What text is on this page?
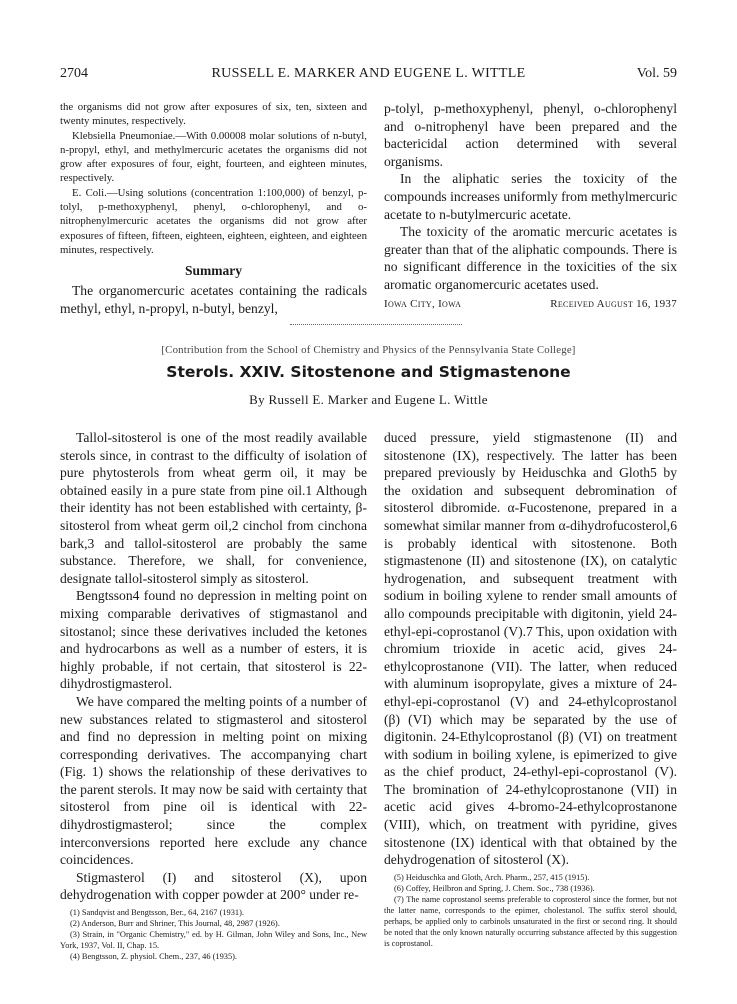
2704	RUSSELL E. MARKER AND EUGENE L. WITTLE	Vol. 59

the organisms did not grow after exposures of six, ten, sixteen and twenty minutes, respectively.

Klebsiella Pneumoniae.—With 0.00008 molar solutions of n-butyl, n-propyl, ethyl, and methylmercuric acetates the organisms did not grow after exposures of four, eight, fourteen, and eighteen minutes, respectively.

E. Coli.—Using solutions (concentration 1:100,000) of benzyl, p-tolyl, p-methoxyphenyl, phenyl, o-chlorophenyl, and o-nitrophenylmercuric acetates the organisms did not grow after exposures of fifteen, fifteen, eighteen, eighteen, eighteen, and eighteen minutes, respectively.

Summary

The organomercuric acetates containing the radicals methyl, ethyl, n-propyl, n-butyl, benzyl,

p-tolyl, p-methoxyphenyl, phenyl, o-chlorophenyl and o-nitrophenyl have been prepared and the bactericidal action determined with several organisms.

In the aliphatic series the toxicity of the compounds increases uniformly from methylmercuric acetate to n-butylmercuric acetate.

The toxicity of the aromatic mercuric acetates is greater than that of the aliphatic compounds. There is no significant difference in the toxicities of the six aromatic organomercuric acetates used.

Iowa City, Iowa	Received August 16, 1937
[Contribution from the School of Chemistry and Physics of the Pennsylvania State College]
Sterols. XXIV. Sitostenone and Stigmastenone
By Russell E. Marker and Eugene L. Wittle

Tallol-sitosterol is one of the most readily available sterols since, in contrast to the difficulty of isolation of pure phytosterols from wheat germ oil, it may be obtained easily in a pure state from pine oil.1 Although their identity has not been established with certainty, β-sitosterol from wheat germ oil,2 cinchol from cinchona bark,3 and tallol-sitosterol are probably the same substance. Therefore, we shall, for convenience, designate tallol-sitosterol simply as sitosterol.

Bengtsson4 found no depression in melting point on mixing comparable derivatives of stigmastanol and sitostanol; since these derivatives included the ketones and hydrocarbons as well as a number of esters, it is highly probable, if not certain, that sitosterol is 22-dihydrostigmasterol.

We have compared the melting points of a number of new substances related to stigmasterol and sitosterol and find no depression in melting point on mixing corresponding derivatives. The accompanying chart (Fig. 1) shows the relationship of these derivatives to the parent sterols. It may now be said with certainty that sitosterol from pine oil is identical with 22-dihydrostigmasterol; since the complex interconversions reported here exclude any chance coincidences.

Stigmasterol (I) and sitosterol (X), upon dehydrogenation with copper powder at 200° under re-

(1) Sandqvist and Bengtsson, Ber., 64, 2167 (1931).

(2) Anderson, Burr and Shriner, This Journal, 48, 2987 (1926).

(3) Strain, in "Organic Chemistry," ed. by H. Gilman, John Wiley and Sons, Inc., New York, 1937, Vol. II, Chap. 15.

(4) Bengtsson, Z. physiol. Chem., 237, 46 (1935).

duced pressure, yield stigmastenone (II) and sitostenone (IX), respectively. The latter has been prepared previously by Heiduschka and Gloth5 by the oxidation and subsequent debromination of sitosterol dibromide. α-Fucostenone, prepared in a somewhat similar manner from α-dihydrofucosterol,6 is probably identical with sitostenone. Both stigmastenone (II) and sitostenone (IX), on catalytic hydrogenation, and subsequent treatment with sodium in boiling xylene to render small amounts of allo compounds precipitable with digitonin, yield 24-ethyl-epi-coprostanol (V).7 This, upon oxidation with chromium trioxide in acetic acid, gives 24-ethylcoprostanone (VII). The latter, when reduced with aluminum isopropylate, gives a mixture of 24-ethyl-epi-coprostanol (V) and 24-ethylcoprostanol (β) (VI) which may be separated by the use of digitonin. 24-Ethylcoprostanol (β) (VI) on treatment with sodium in boiling xylene, is epimerized to give as the chief product, 24-ethyl-epi-coprostanol (V). The bromination of 24-ethylcoprostanone (VII) in acetic acid gives 4-bromo-24-ethylcoprostanone (VIII), which, on treatment with pyridine, gives sitostenone (IX) identical with that obtained by the dehydrogenation of sitosterol (X).

(5) Heiduschka and Gloth, Arch. Pharm., 257, 415 (1915).

(6) Coffey, Heilbron and Spring, J. Chem. Soc., 738 (1936).

(7) The name coprostanol seems preferable to coprosterol since the former, but not the latter name, corresponds to the epimer, cholestanol. The suffix sterol should, perhaps, be applied only to carbinols unsaturated in the first or second ring. It should be noted that the only known naturally occurring substance affected by this suggestion is coprostanol.
